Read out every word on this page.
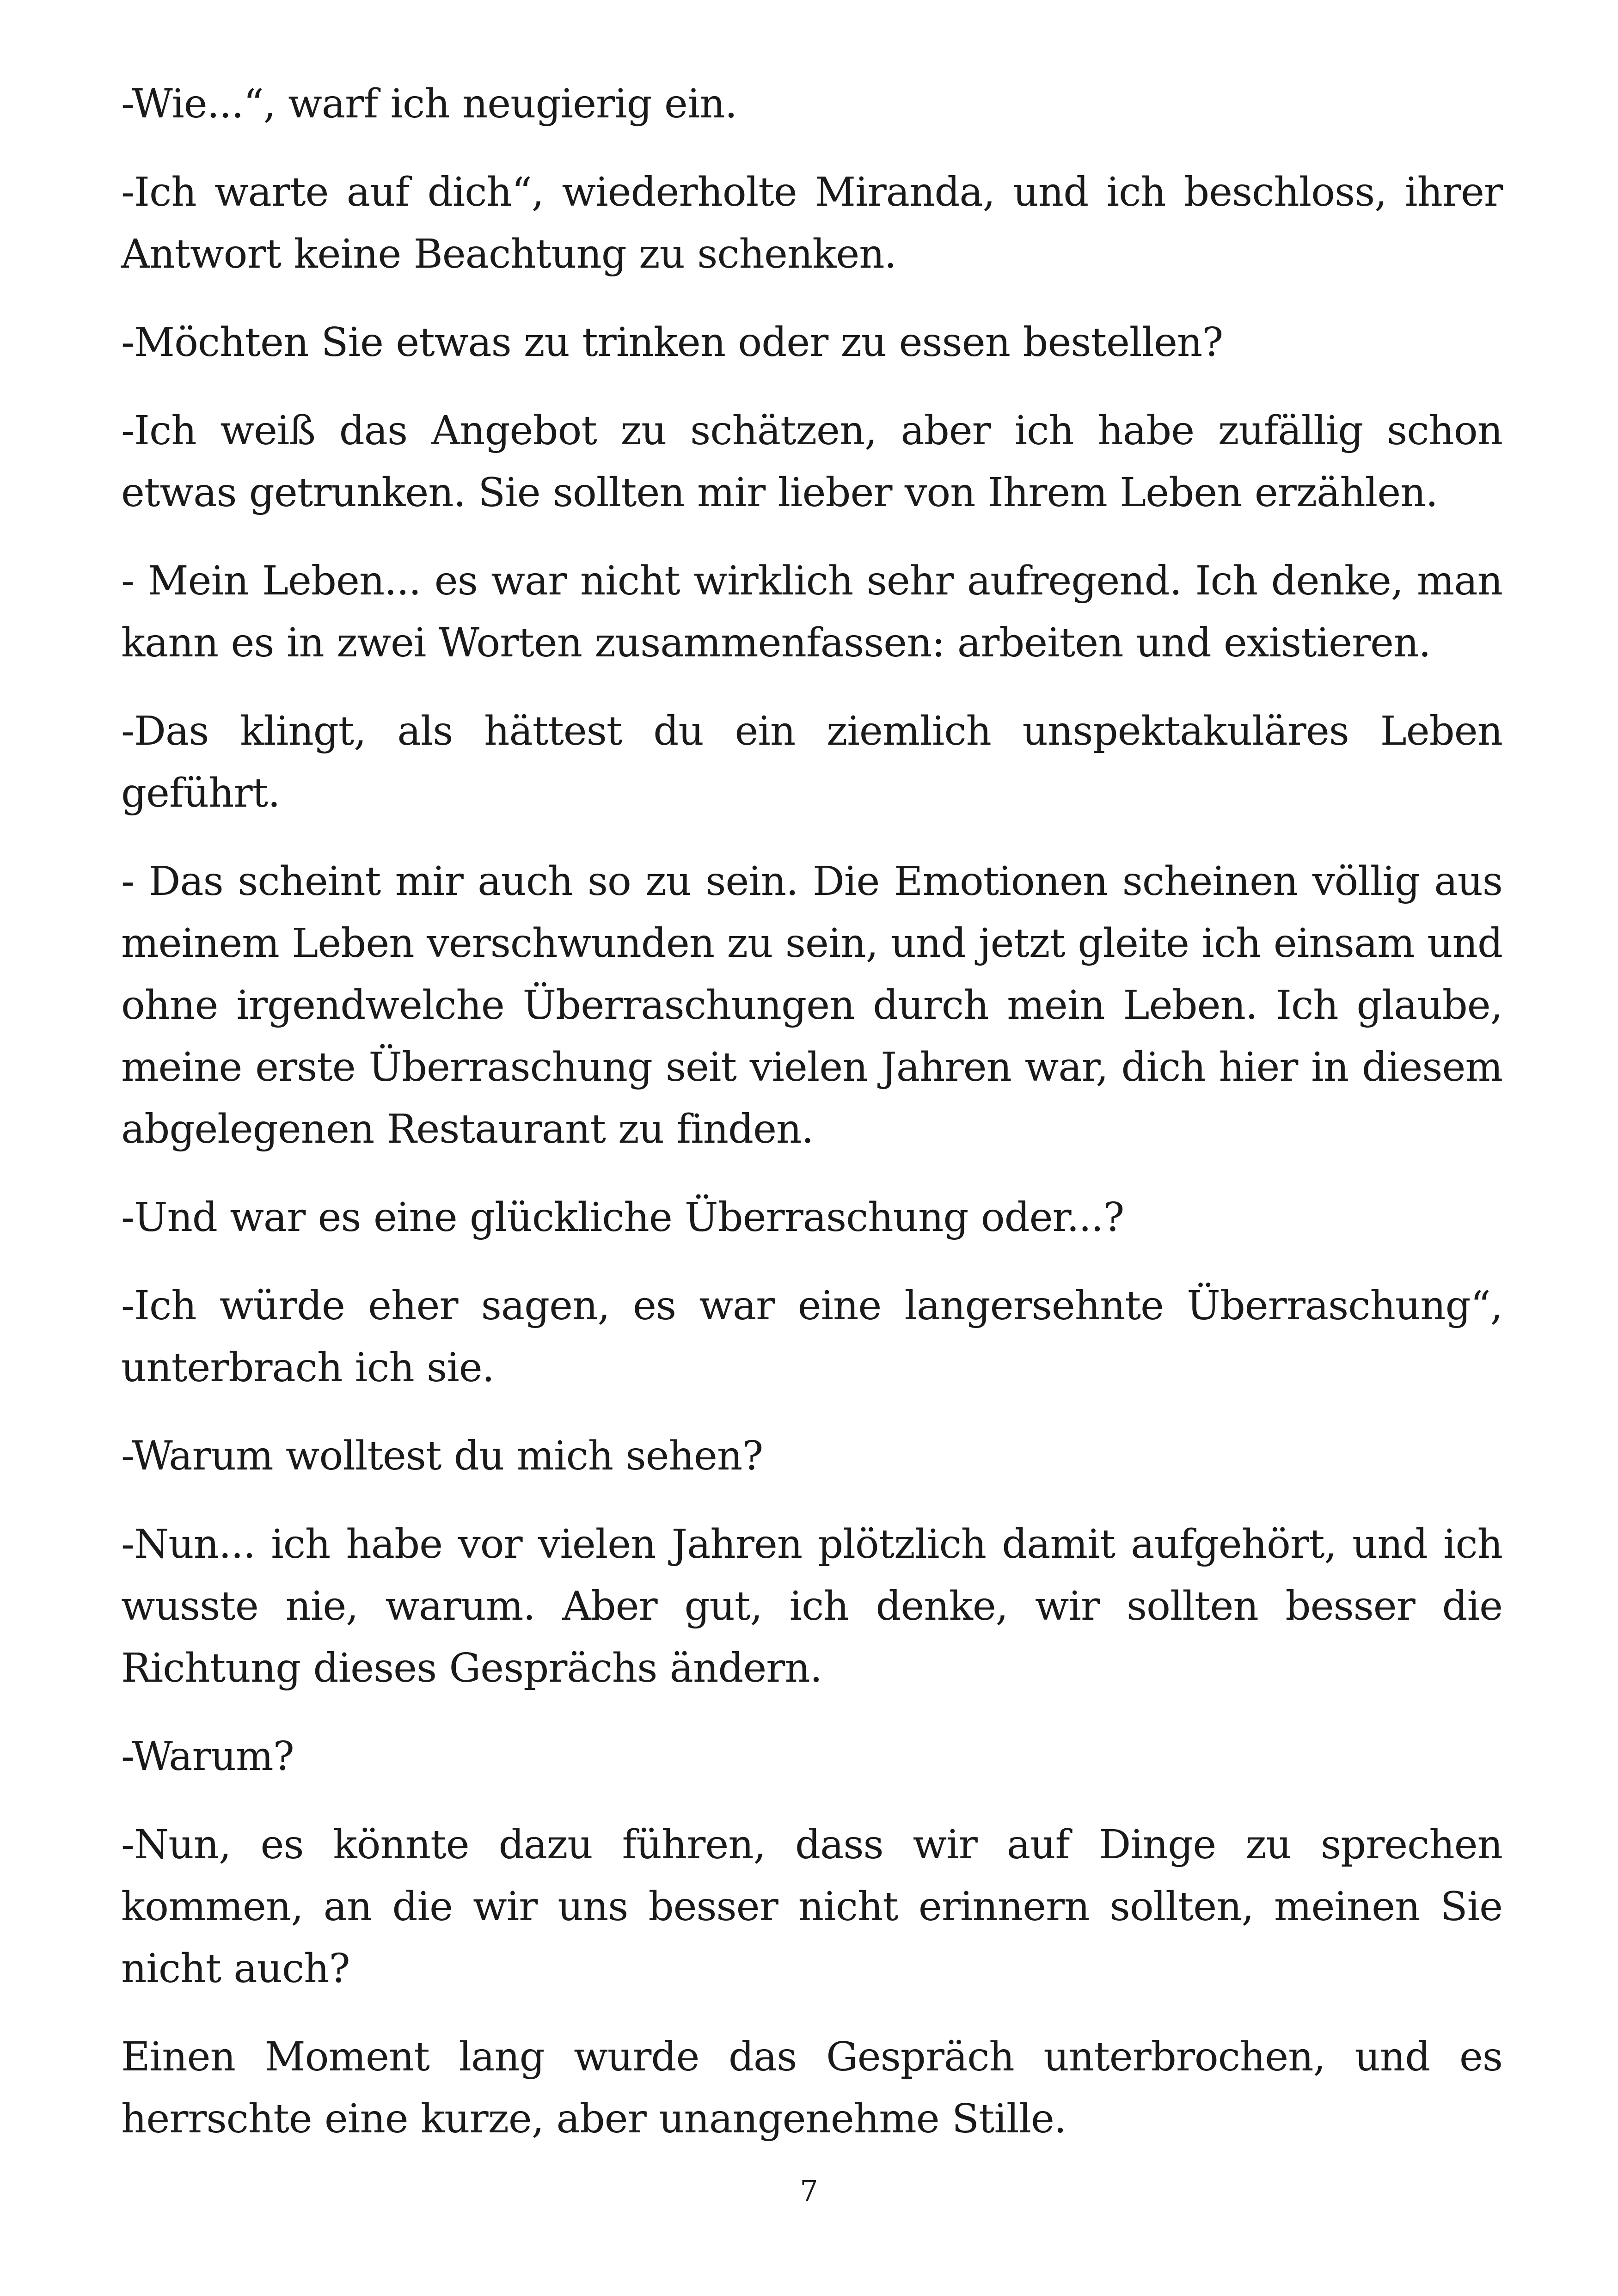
-Wie...“, warf ich neugierig ein.

-Ich warte auf dich“, wiederholte Miranda, und ich beschloss, ihrer Antwort keine Beachtung zu schenken.

-Möchten Sie etwas zu trinken oder zu essen bestellen?

-Ich weiß das Angebot zu schätzen, aber ich habe zufällig schon etwas getrunken. Sie sollten mir lieber von Ihrem Leben erzählen.

- Mein Leben... es war nicht wirklich sehr aufregend. Ich denke, man kann es in zwei Worten zusammenfassen: arbeiten und existieren.

-Das klingt, als hättest du ein ziemlich unspektakuläres Leben geführt.

- Das scheint mir auch so zu sein. Die Emotionen scheinen völlig aus meinem Leben verschwunden zu sein, und jetzt gleite ich einsam und ohne irgendwelche Überraschungen durch mein Leben. Ich glaube, meine erste Überraschung seit vielen Jahren war, dich hier in diesem abgelegenen Restaurant zu finden.

-Und war es eine glückliche Überraschung oder...?

-Ich würde eher sagen, es war eine langersehnte Überraschung“, unterbrach ich sie.

-Warum wolltest du mich sehen?

-Nun... ich habe vor vielen Jahren plötzlich damit aufgehört, und ich wusste nie, warum. Aber gut, ich denke, wir sollten besser die Richtung dieses Gesprächs ändern.

-Warum?

-Nun, es könnte dazu führen, dass wir auf Dinge zu sprechen kommen, an die wir uns besser nicht erinnern sollten, meinen Sie nicht auch?

Einen Moment lang wurde das Gespräch unterbrochen, und es herrschte eine kurze, aber unangenehme Stille.

7
